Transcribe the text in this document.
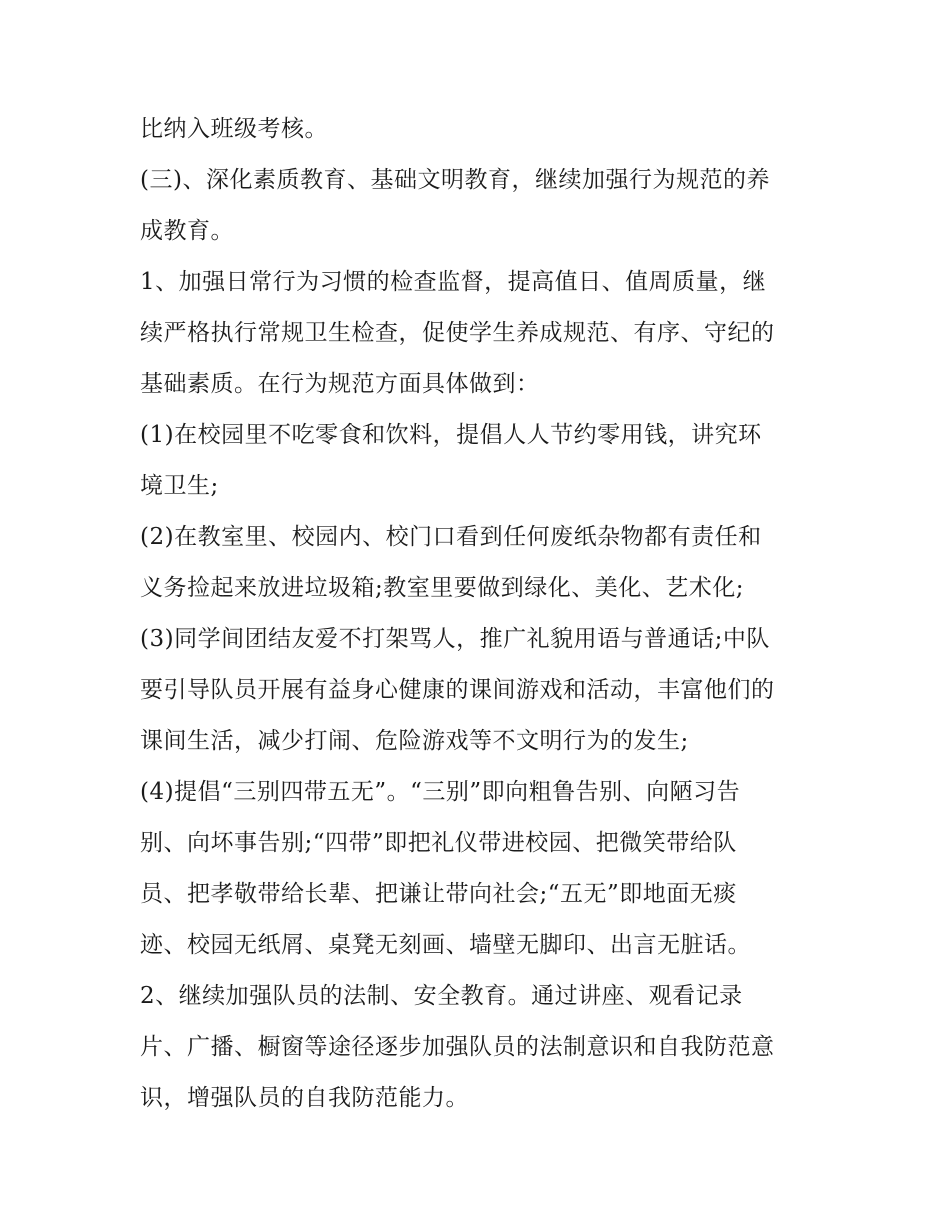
比纳入班级考核。
(三)、深化素质教育、基础文明教育，继续加强行为规范的养
成教育。
1、加强日常行为习惯的检查监督，提高值日、值周质量，继
续严格执行常规卫生检查，促使学生养成规范、有序、守纪的
基础素质。在行为规范方面具体做到：
(1)在校园里不吃零食和饮料，提倡人人节约零用钱，讲究环
境卫生;
(2)在教室里、校园内、校门口看到任何废纸杂物都有责任和
义务捡起来放进垃圾箱;教室里要做到绿化、美化、艺术化;
(3)同学间团结友爱不打架骂人，推广礼貌用语与普通话;中队
要引导队员开展有益身心健康的课间游戏和活动，丰富他们的
课间生活，减少打闹、危险游戏等不文明行为的发生;
(4)提倡“三别四带五无”。“三别”即向粗鲁告别、向陋习告
别、向坏事告别;“四带”即把礼仪带进校园、把微笑带给队
员、把孝敬带给长辈、把谦让带向社会;“五无”即地面无痰
迹、校园无纸屑、桌凳无刻画、墙壁无脚印、出言无脏话。
2、继续加强队员的法制、安全教育。通过讲座、观看记录
片、广播、橱窗等途径逐步加强队员的法制意识和自我防范意
识，增强队员的自我防范能力。
